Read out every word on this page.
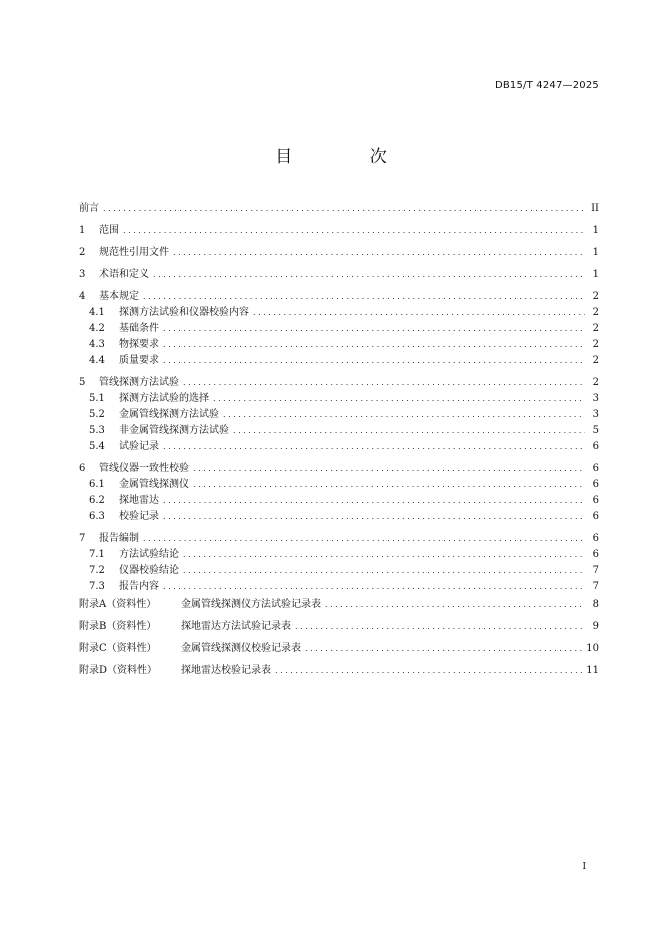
DB15/T 4247—2025
目 次
前言 . . .	II
1	范围 . . .	1
2	规范性引用文件 . . .	1
3	术语和定义 . . .	1
4	基本规定 . . .	2
4.1	探测方法试验和仪器校验内容 . . .	2
4.2	基础条件 . . .	2
4.3	物探要求 . . .	2
4.4	质量要求 . . .	2
5	管线探测方法试验 . . .	2
5.1	探测方法试验的选择 . . .	3
5.2	金属管线探测方法试验 . . .	3
5.3	非金属管线探测方法试验 . . .	5
5.4	试验记录 . . .	6
6	管线仪器一致性校验 . . .	6
6.1	金属管线探测仪 . . .	6
6.2	探地雷达 . . .	6
6.3	校验记录 . . .	6
7	报告编制 . . .	6
7.1	方法试验结论 . . .	6
7.2	仪器校验结论 . . .	7
7.3	报告内容 . . .	7
附录A（资料性）	金属管线探测仪方法试验记录表 . . .	8
附录B（资料性）	探地雷达方法试验记录表 . . .	9
附录C（资料性）	金属管线探测仪校验记录表 . . .	10
附录D（资料性）	探地雷达校验记录表 . . .	11
I
